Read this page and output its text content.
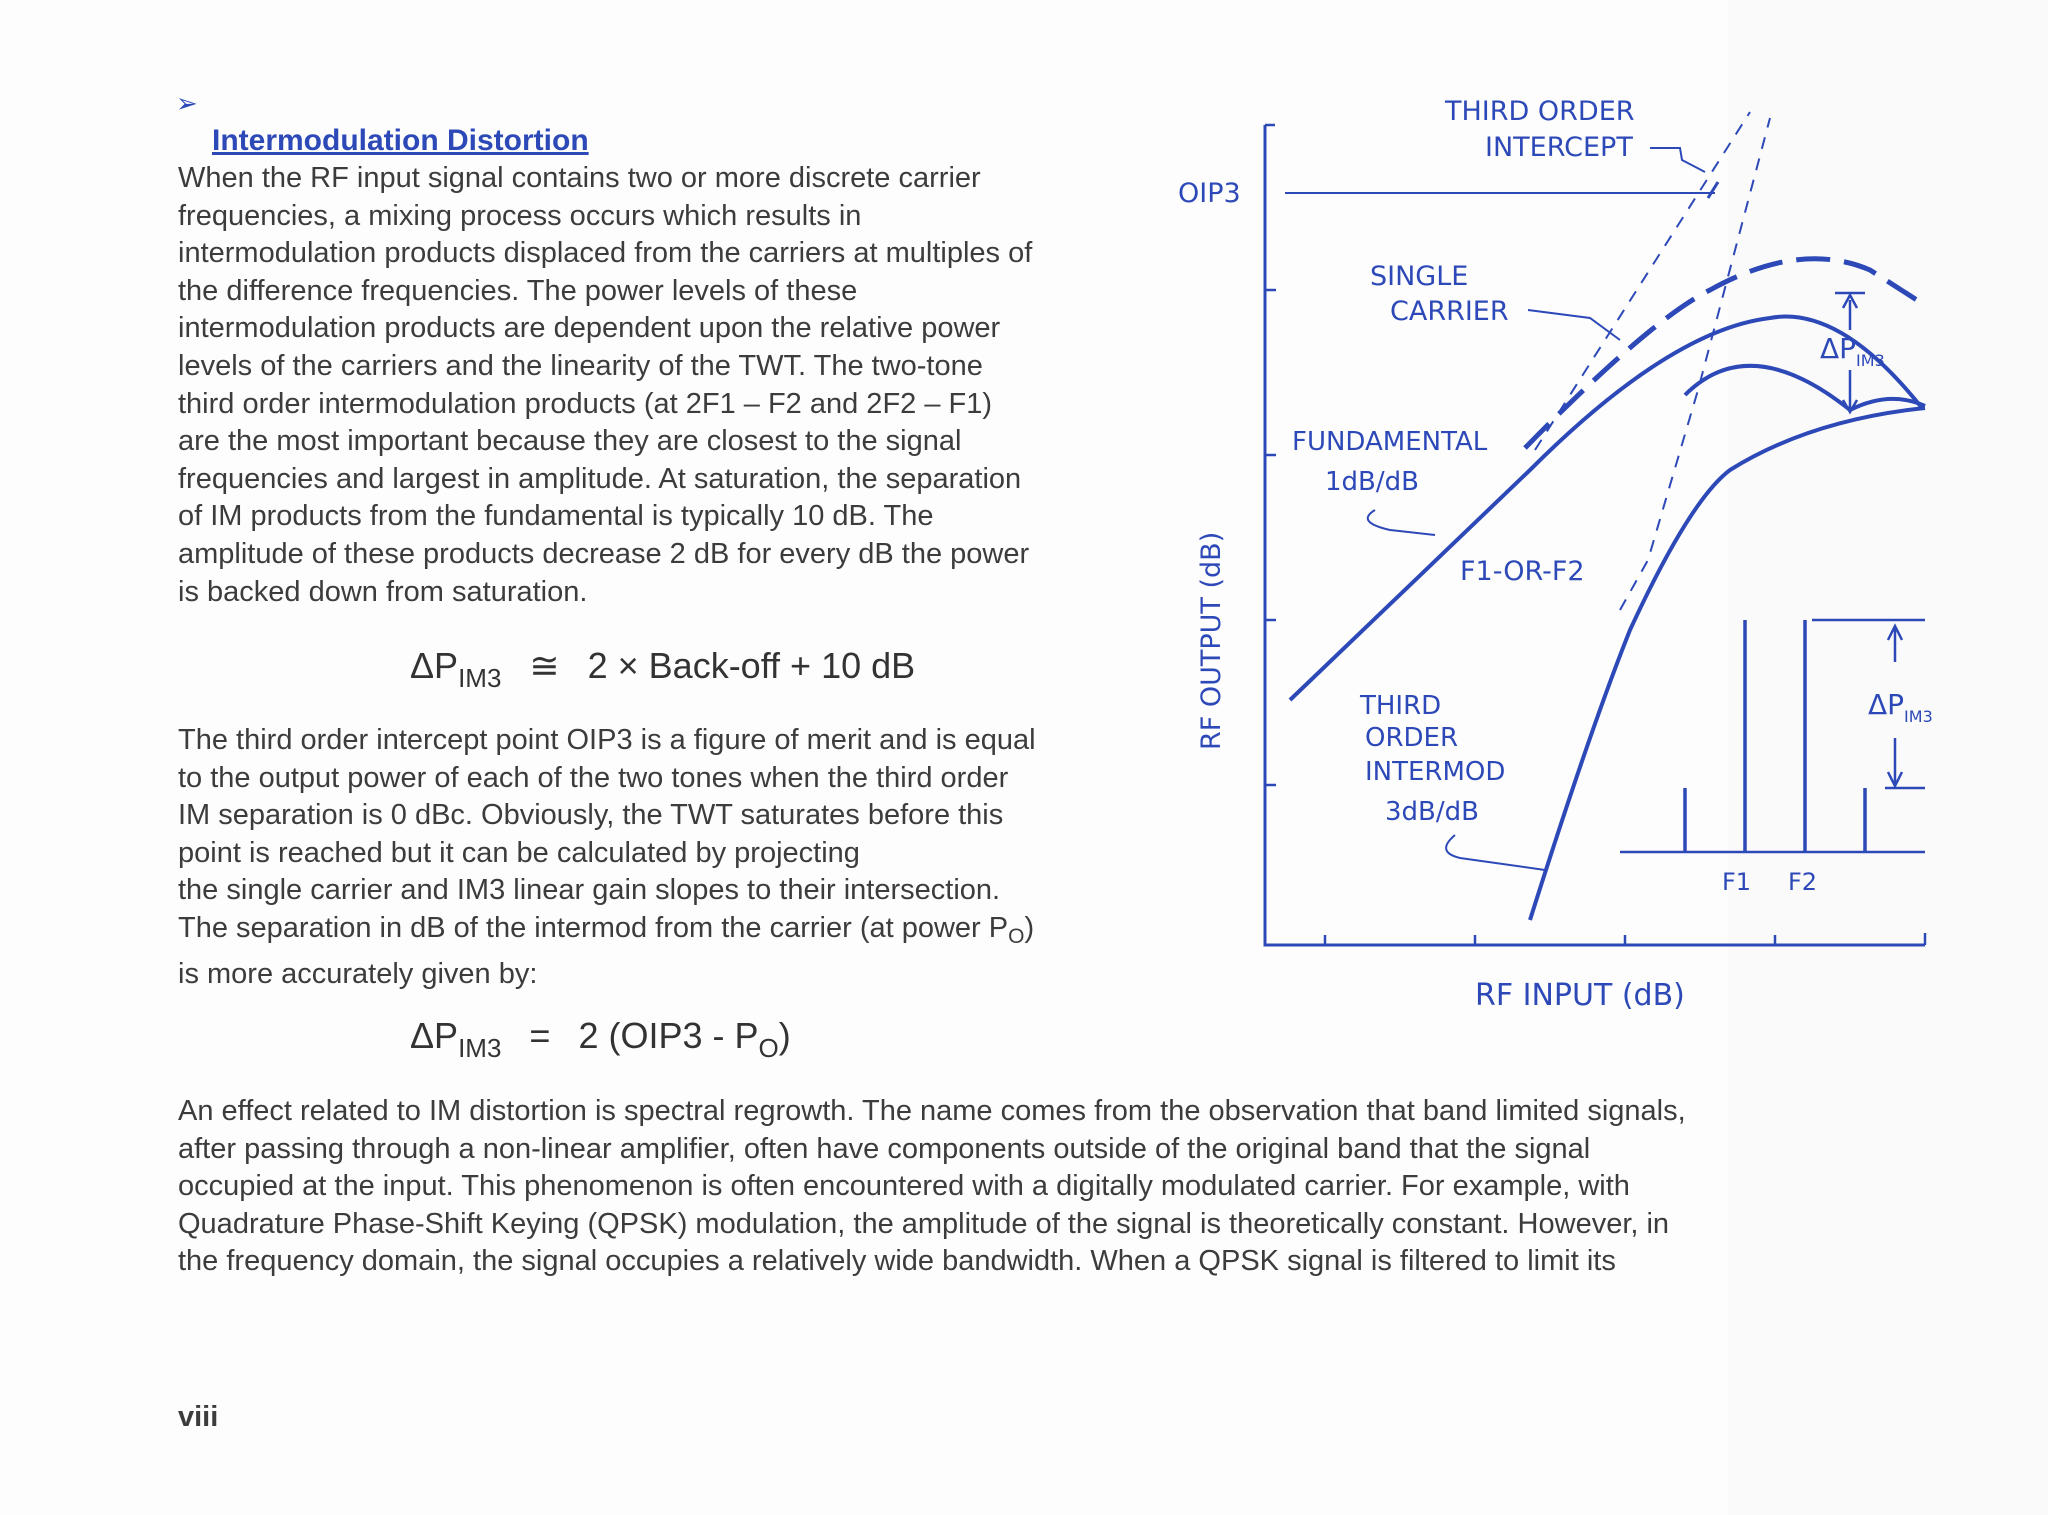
➢
Intermodulation Distortion

When the RF input signal contains two or more discrete carrier
frequencies, a mixing process occurs which results in
intermodulation products displaced from the carriers at multiples of
the difference frequencies. The power levels of these
intermodulation products are dependent upon the relative power
levels of the carriers and the linearity of the TWT. The two-tone
third order intermodulation products (at 2F1 – F2 and 2F2 – F1)
are the most important because they are closest to the signal
frequencies and largest in amplitude. At saturation, the separation
of IM products from the fundamental is typically 10 dB. The
amplitude of these products decrease 2 dB for every dB the power
is backed down from saturation.

$\Delta P_{IM3}$ ≅ 2 × Back-off + 10 dB

The third order intercept point OIP3 is a figure of merit and is equal
to the output power of each of the two tones when the third order
IM separation is 0 dBc. Obviously, the TWT saturates before this
point is reached but it can be calculated by projecting
the single carrier and IM3 linear gain slopes to their intersection.
The separation in dB of the intermod from the carrier (at power $P_O$)
is more accurately given by:

$\Delta P_{IM3} = 2$ $(OIP3 - P_O)$

An effect related to IM distortion is spectral regrowth. The name comes from the observation that band limited signals,
after passing through a non-linear amplifier, often have components outside of the original band that the signal
occupied at the input. This phenomenon is often encountered with a digitally modulated carrier. For example, with
Quadrature Phase-Shift Keying (QPSK) modulation, the amplitude of the signal is theoretically constant. However, in
the frequency domain, the signal occupies a relatively wide bandwidth. When a QPSK signal is filtered to limit its

viii
OIP3
$\Delta P_{IM3}$
$\Delta P_{IM3}$
F1 F2
THIRD ORDER
INTERCEPT
SINGLE
CARRIER
FUNDAMENTAL
1dB/dB
F1-OR-F2
THIRD
ORDER
INTERMOD
3dB/dB
RF OUTPUT (dB)
RF INPUT (dB)
